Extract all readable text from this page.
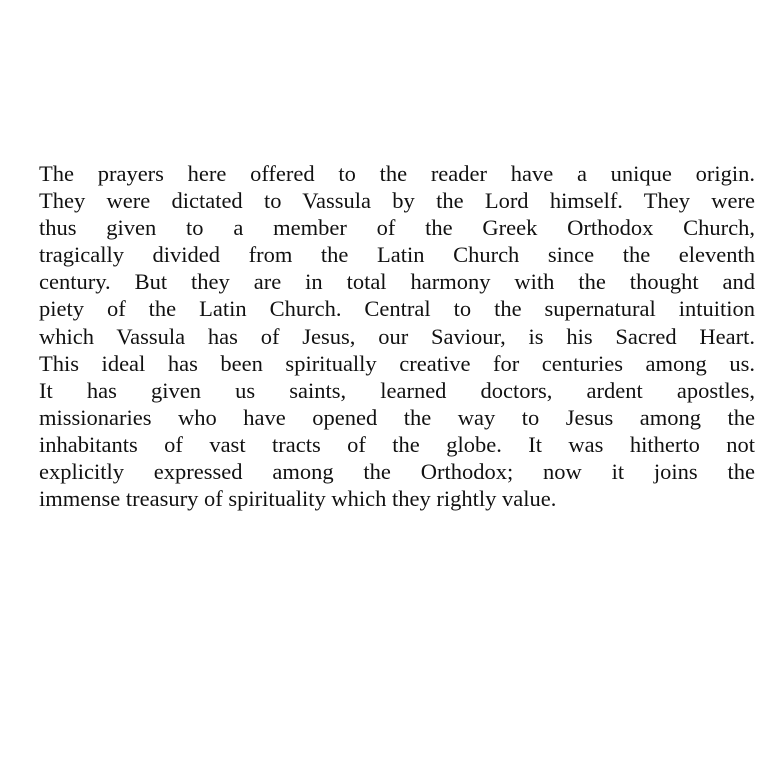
The prayers here offered to the reader have a unique origin.
They were dictated to Vassula by the Lord himself. They were
thus given to a member of the Greek Orthodox Church,
tragically divided from the Latin Church since the eleventh
century. But they are in total harmony with the thought and
piety of the Latin Church. Central to the supernatural intuition
which Vassula has of Jesus, our Saviour, is his Sacred Heart.
This ideal has been spiritually creative for centuries among us.
It has given us saints, learned doctors, ardent apostles,
missionaries who have opened the way to Jesus among the
inhabitants of vast tracts of the globe. It was hitherto not
explicitly expressed among the Orthodox; now it joins the
immense treasury of spirituality which they rightly value.
